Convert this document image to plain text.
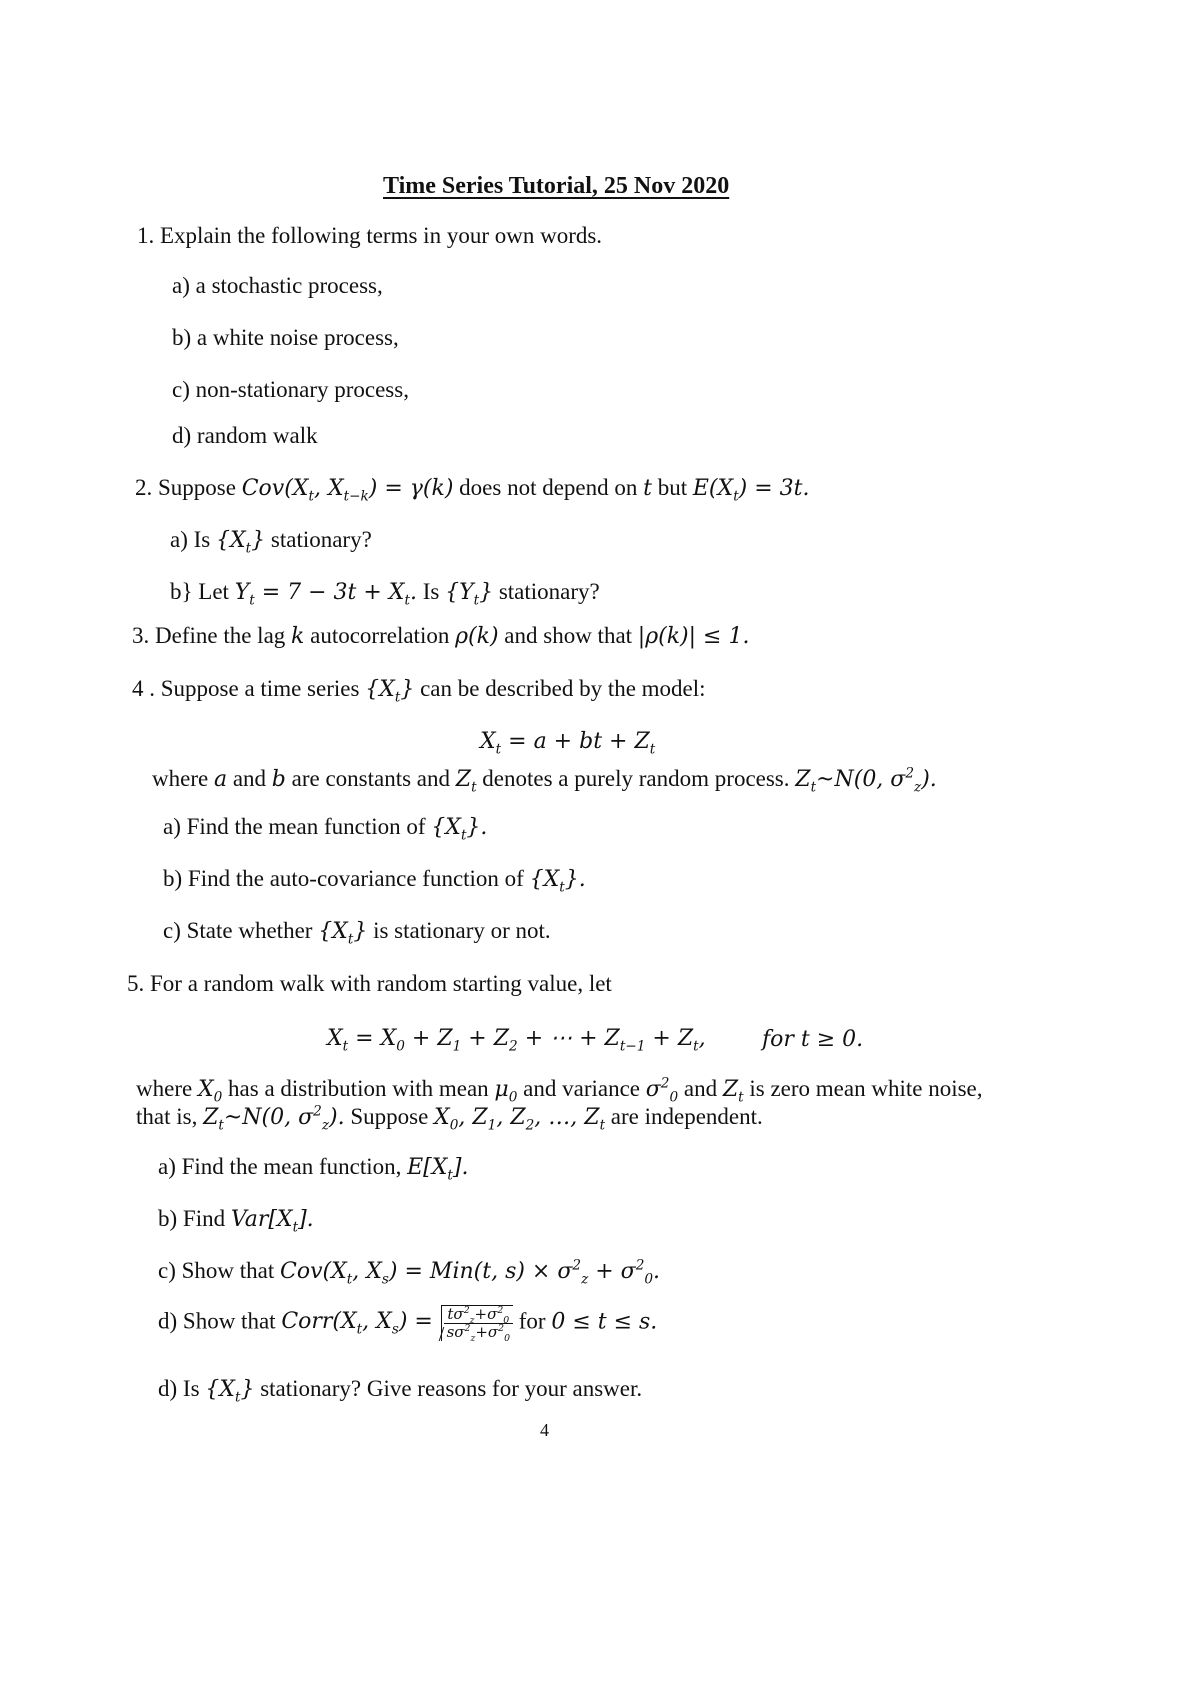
Time Series Tutorial, 25 Nov 2020
1. Explain the following terms in your own words.
a) a stochastic process,
b) a white noise process,
c) non-stationary process,
d) random walk
2. Suppose $Cov(X_t$, $X_{t-k}) = \gamma(k)$ does not depend on t but $E(X_t) = 3t$.
a) Is $\{X_t\}$ stationary?
b} Let $Y_t = 7 - 3t + X_t$. Is $\{Y_t\}$ stationary?
3. Define the lag k autocorrelation ρ(k) and show that |ρ(k)| ≤ 1.
4 . Suppose a time series $\{X_t\}$ can be described by the model:
$X_t = a$ + bt + $Z_t$
where a and b are constants and $Z_t$ denotes a purely random process. $Z_t\sim N(0$, $\sigma^2_z$).
a) Find the mean function of $\{X_t\}$.
b) Find the auto-covariance function of $\{X_t\}$.
c) State whether $\{X_t\}$ is stationary or not.
5. For a random walk with random starting value, let
$X_t = X_0 + Z_1 + Z_2$ + ⋯ + $Z_{t-1} + Z_t$,	for t ≥ 0.
where $X_0$ has a distribution with mean $\mu_0$ and variance $\sigma^2_0$ and $Z_t$ is zero mean white noise,
that is, $Z_t\sim N(0$, $\sigma^2_z$). Suppose $X_0$, $Z_1$, $Z_2$, …, $Z_t$ are independent.
a) Find the mean function, $E[X_t]$.
b) Find $Var[X_t]$.
c) Show that $Cov(X_t$, $X_s) = Min(t$, $s) \times \sigma^2_z + \sigma^2_0$.
d) Show that $Corr(X_t$, $X_s) = \frac{t\sigma^2_z+\sigma^2_0}{s\sigma^2_z+\sigma^2_0}$ for 0 ≤ t ≤ s.
d) Is $\{X_t\}$ stationary? Give reasons for your answer.
4
